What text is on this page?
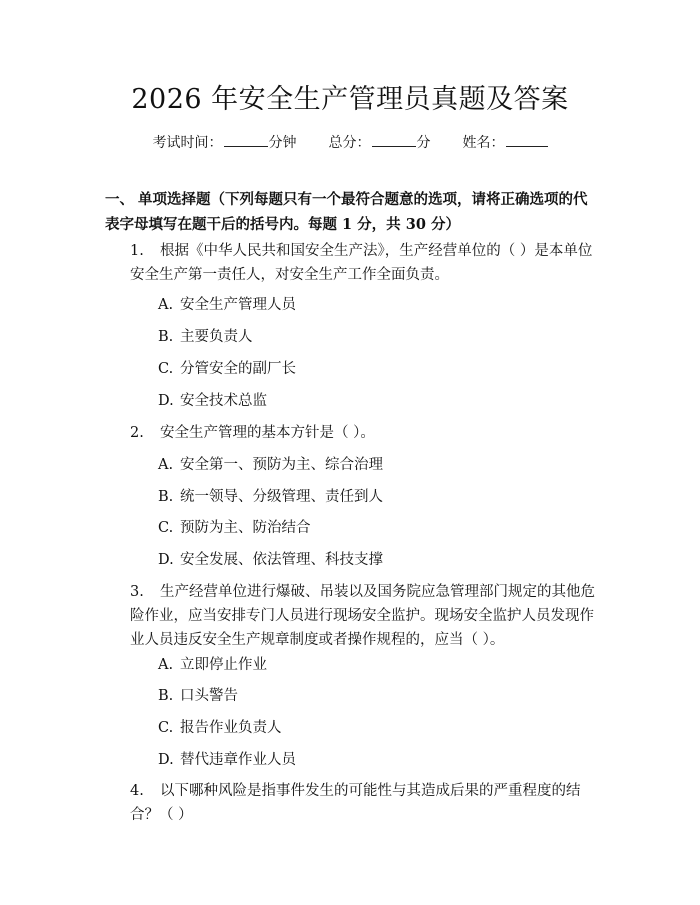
2026 年安全生产管理员真题及答案
考试时间：	分钟 总分：	分 姓名：
一、 单项选择题（下列每题只有一个最符合题意的选项，请将正确选项的代表字母填写在题干后的括号内。每题 1 分，共 30 分）
1. 根据《中华人民共和国安全生产法》，生产经营单位的（ ）是本单位安全生产第一责任人，对安全生产工作全面负责。
A. 安全生产管理人员
B. 主要负责人
C. 分管安全的副厂长
D. 安全技术总监
2. 安全生产管理的基本方针是（ ）。
A. 安全第一、预防为主、综合治理
B. 统一领导、分级管理、责任到人
C. 预防为主、防治结合
D. 安全发展、依法管理、科技支撑
3. 生产经营单位进行爆破、吊装以及国务院应急管理部门规定的其他危险作业，应当安排专门人员进行现场安全监护。现场安全监护人员发现作业人员违反安全生产规章制度或者操作规程的，应当（ ）。
A. 立即停止作业
B. 口头警告
C. 报告作业负责人
D. 替代违章作业人员
4. 以下哪种风险是指事件发生的可能性与其造成后果的严重程度的结合？（ ）
